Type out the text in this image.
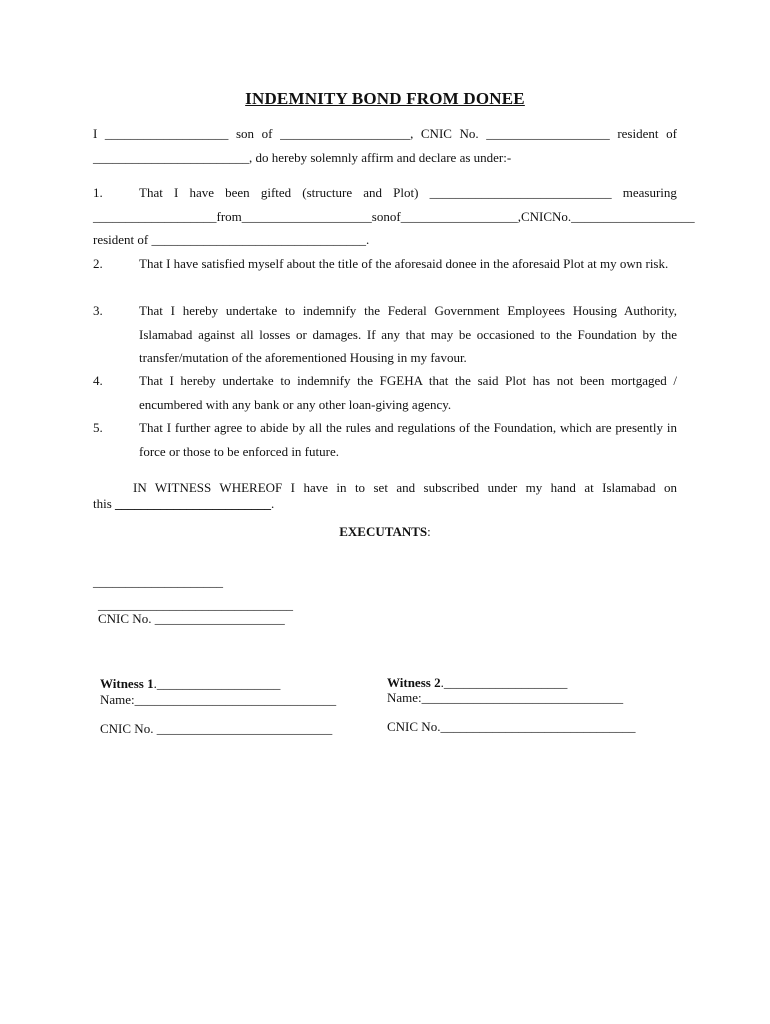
INDEMNITY BOND FROM DONEE
I ___________________ son of ____________________, CNIC No. ___________________ resident of
________________________, do hereby solemnly affirm and declare as under:-
1.	That I have been gifted (structure and Plot) ____________________________ measuring
___________________ from ____________________ son of __________________, CNIC No. ___________________
resident of _________________________________.
2.	That I have satisfied myself about the title of the aforesaid donee in the aforesaid Plot at my own risk.
3.	That I hereby undertake to indemnify the Federal Government Employees Housing Authority, Islamabad against all losses or damages. If any that may be occasioned to the Foundation by the transfer/mutation of the aforementioned Housing in my favour.
4.	That I hereby undertake to indemnify the FGEHA that the said Plot has not been mortgaged / encumbered with any bank or any other loan-giving agency.
5.	That I further agree to abide by all the rules and regulations of the Foundation, which are presently in force or those to be enforced in future.
IN WITNESS WHEREOF I have in to set and subscribed under my hand at Islamabad on
this ________________________.
EXECUTANTS:
____________________
______________________________
CNIC No. ____________________
Witness 1.___________________
Name:_______________________________
CNIC No. ___________________________
Witness 2.___________________
Name:_______________________________
CNIC No.______________________________
